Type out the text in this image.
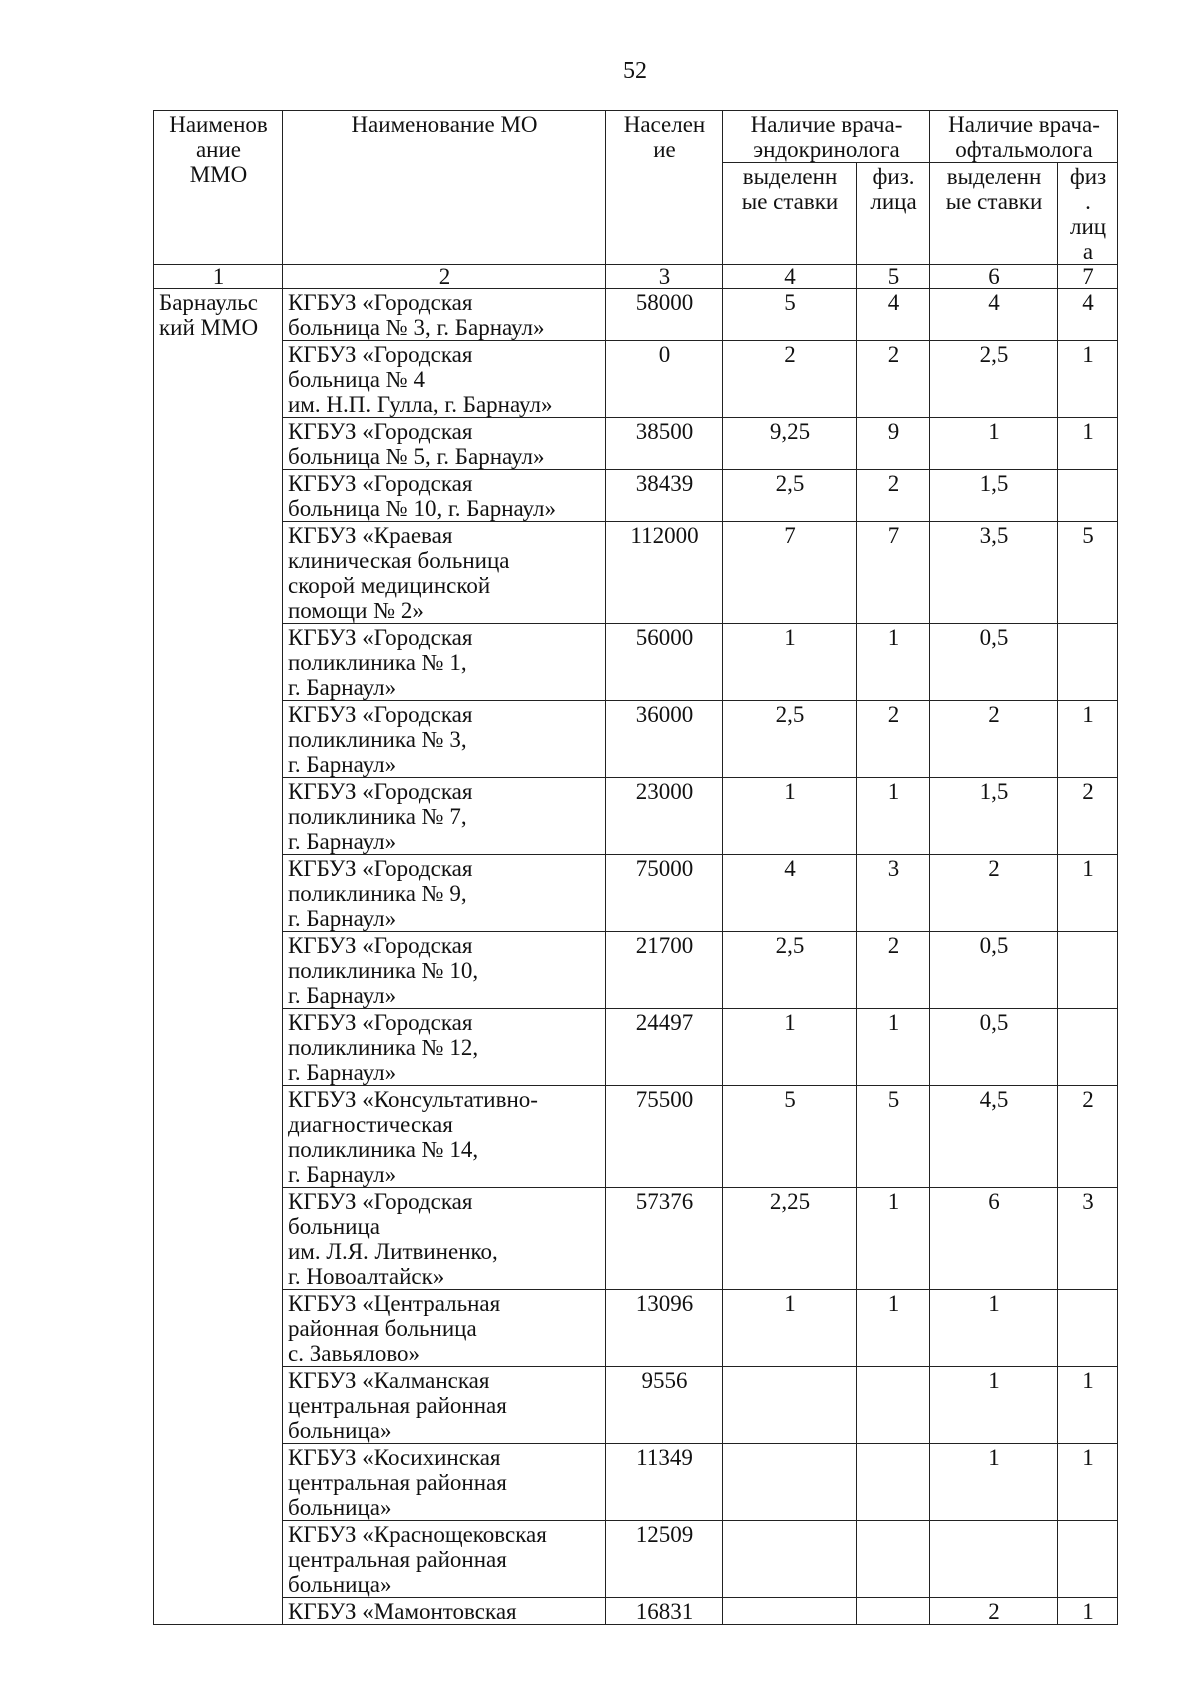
52
Наименов
ание
ММО	Наименование МО	Населен
ие	Наличие врача-
эндокринолога		Наличие врача-
офтальмолога	

			выделенн
ые ставки	физ.
лица	выделенн
ые ставки	физ
.
лиц
а

1	2	3	4	5	6	7

Барнаульс
кий ММО	КГБУЗ «Городская
больница № 3, г. Барнаул»	58000	5	4	4	4

	КГБУЗ «Городская
больница № 4
им. Н.П. Гулла, г. Барнаул»	0	2	2	2,5	1

	КГБУЗ «Городская
больница № 5, г. Барнаул»	38500	9,25	9	1	1

	КГБУЗ «Городская
больница № 10, г. Барнаул»	38439	2,5	2	1,5	

	КГБУЗ «Краевая
клиническая больница
скорой медицинской
помощи № 2»	112000	7	7	3,5	5

	КГБУЗ «Городская
поликлиника № 1,
г. Барнаул»	56000	1	1	0,5	

	КГБУЗ «Городская
поликлиника № 3,
г. Барнаул»	36000	2,5	2	2	1

	КГБУЗ «Городская
поликлиника № 7,
г. Барнаул»	23000	1	1	1,5	2

	КГБУЗ «Городская
поликлиника № 9,
г. Барнаул»	75000	4	3	2	1

	КГБУЗ «Городская
поликлиника № 10,
г. Барнаул»	21700	2,5	2	0,5	

	КГБУЗ «Городская
поликлиника № 12,
г. Барнаул»	24497	1	1	0,5	

	КГБУЗ «Консультативно-
диагностическая
поликлиника № 14,
г. Барнаул»	75500	5	5	4,5	2

	КГБУЗ «Городская
больница
им. Л.Я. Литвиненко,
г. Новоалтайск»	57376	2,25	1	6	3

	КГБУЗ «Центральная
районная больница
с. Завьялово»	13096	1	1	1	

	КГБУЗ «Калманская
центральная районная
больница»	9556			1	1

	КГБУЗ «Косихинская
центральная районная
больница»	11349			1	1

	КГБУЗ «Краснощековская
центральная районная
больница»	12509				

	КГБУЗ «Мамонтовская	16831			2	1
